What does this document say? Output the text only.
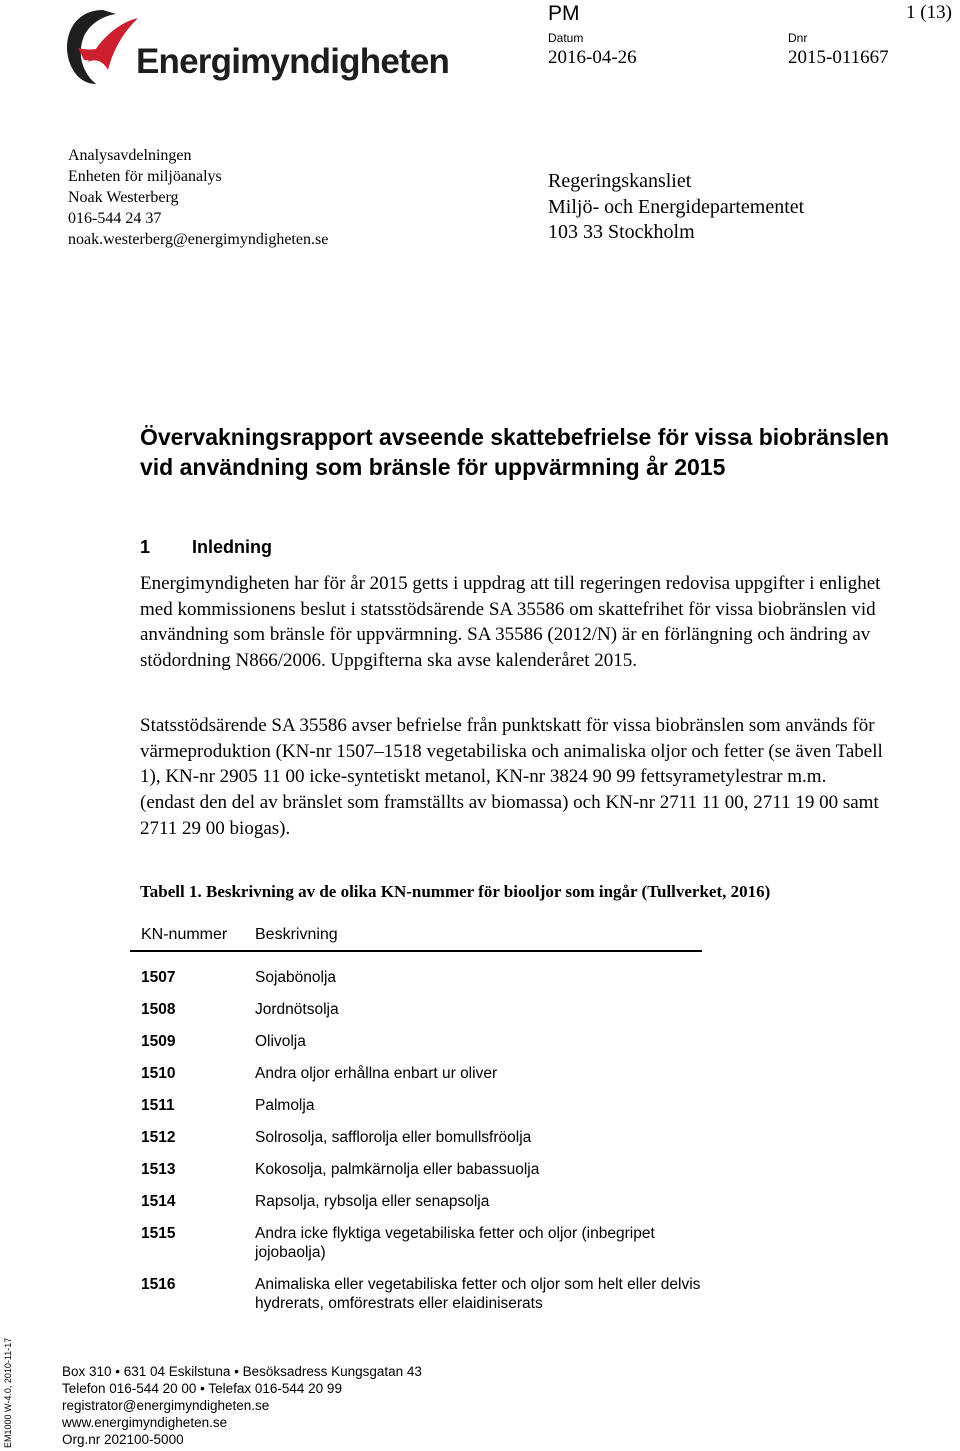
Energimyndigheten
PM	1 (13)
Datum	Dnr
2016-04-26	2015-011667
Analysavdelningen
Enheten för miljöanalys
Noak Westerberg
016-544 24 37
noak.westerberg@energimyndigheten.se
Regeringskansliet
Miljö- och Energidepartementet
103 33 Stockholm
Övervakningsrapport avseende skattebefrielse för vissa biobränslen vid användning som bränsle för uppvärmning år 2015
1 Inledning
Energimyndigheten har för år 2015 getts i uppdrag att till regeringen redovisa uppgifter i enlighet med kommissionens beslut i statsstödsärende SA 35586 om skattefrihet för vissa biobränslen vid användning som bränsle för uppvärmning. SA 35586 (2012/N) är en förlängning och ändring av stödordning N866/2006. Uppgifterna ska avse kalenderåret 2015.
Statsstödsärende SA 35586 avser befrielse från punktskatt för vissa biobränslen som används för värmeproduktion (KN-nr 1507–1518 vegetabiliska och animaliska oljor och fetter (se även Tabell 1), KN-nr 2905 11 00 icke-syntetiskt metanol, KN-nr 3824 90 99 fettsyrametylestrar m.m. (endast den del av bränslet som framställts av biomassa) och KN-nr 2711 11 00, 2711 19 00 samt 2711 29 00 biogas).
Tabell 1. Beskrivning av de olika KN-nummer för biooljor som ingår (Tullverket, 2016)
KN-nummer	Beskrivning
1507	Sojabönolja
1508	Jordnötsolja
1509	Olivolja
1510	Andra oljor erhållna enbart ur oliver
1511	Palmolja
1512	Solrosolja, safflorolja eller bomullsfröolja
1513	Kokosolja, palmkärnolja eller babassuolja
1514	Rapsolja, rybsolja eller senapsolja
1515	Andra icke flyktiga vegetabiliska fetter och oljor (inbegripet jojobaolja)
1516	Animaliska eller vegetabiliska fetter och oljor som helt eller delvis hydrerats, omförestrats eller elaidiniserats
EM1000 W-4.0, 2010-11-17	Box 310 • 631 04 Eskilstuna • Besöksadress Kungsgatan 43
Telefon 016-544 20 00 • Telefax 016-544 20 99
registrator@energimyndigheten.se
www.energimyndigheten.se
Org.nr 202100-5000
